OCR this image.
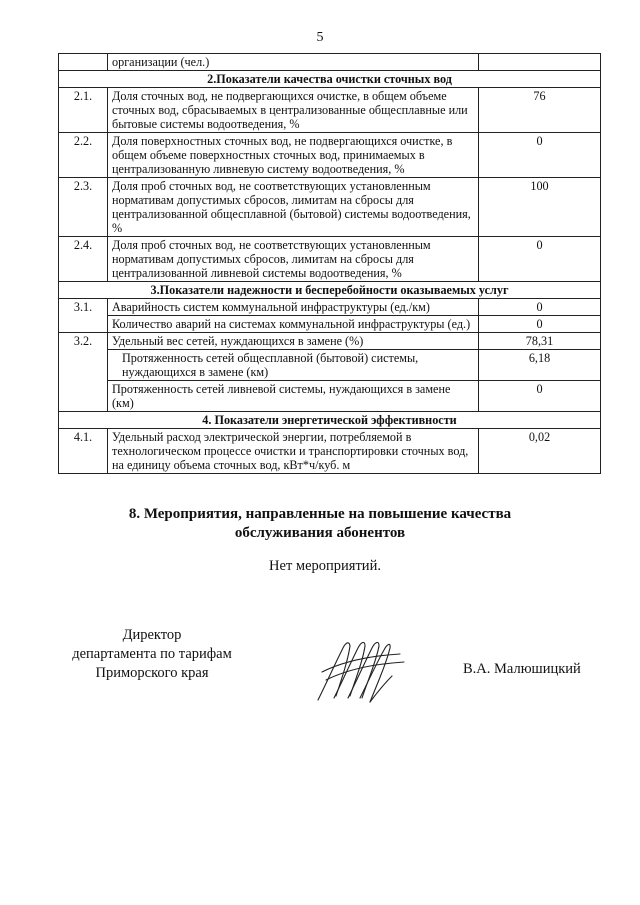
5
	организации (чел.)	
2.Показатели качества очистки сточных вод		
2.1.	Доля сточных вод, не подвергающихся очистке, в общем объеме сточных вод, сбрасываемых в централизованные общесплавные или бытовые системы водоотведения, %	76
2.2.	Доля поверхностных сточных вод, не подвергающихся очистке, в общем объеме поверхностных сточных вод, принимаемых в централизованную ливневую систему водоотведения, %	0
2.3.	Доля проб сточных вод, не соответствующих установленным нормативам допустимых сбросов, лимитам на сбросы для централизованной общесплавной (бытовой) системы водоотведения, %	100
2.4.	Доля проб сточных вод, не соответствующих установленным нормативам допустимых сбросов, лимитам на сбросы для централизованной ливневой системы водоотведения, %	0
3.Показатели надежности и бесперебойности оказываемых услуг		
3.1.	Аварийность систем коммунальной инфраструктуры (ед./км)	0
	Количество аварий на системах коммунальной инфраструктуры (ед.)	0
3.2.	Удельный вес сетей, нуждающихся в замене (%)	78,31
	Протяженность сетей общесплавной (бытовой) системы, нуждающихся в замене (км)	6,18
	Протяженность сетей ливневой системы, нуждающихся в замене (км)	0
4. Показатели энергетической эффективности		
4.1.	Удельный расход электрической энергии, потребляемой в технологическом процессе очистки и транспортировки сточных вод, на единицу объема сточных вод, кВт*ч/куб. м	0,02
8. Мероприятия, направленные на повышение качества
обслуживания абонентов
Нет мероприятий.
Директор
департамента по тарифам
Приморского края	В.А. Малюшицкий
